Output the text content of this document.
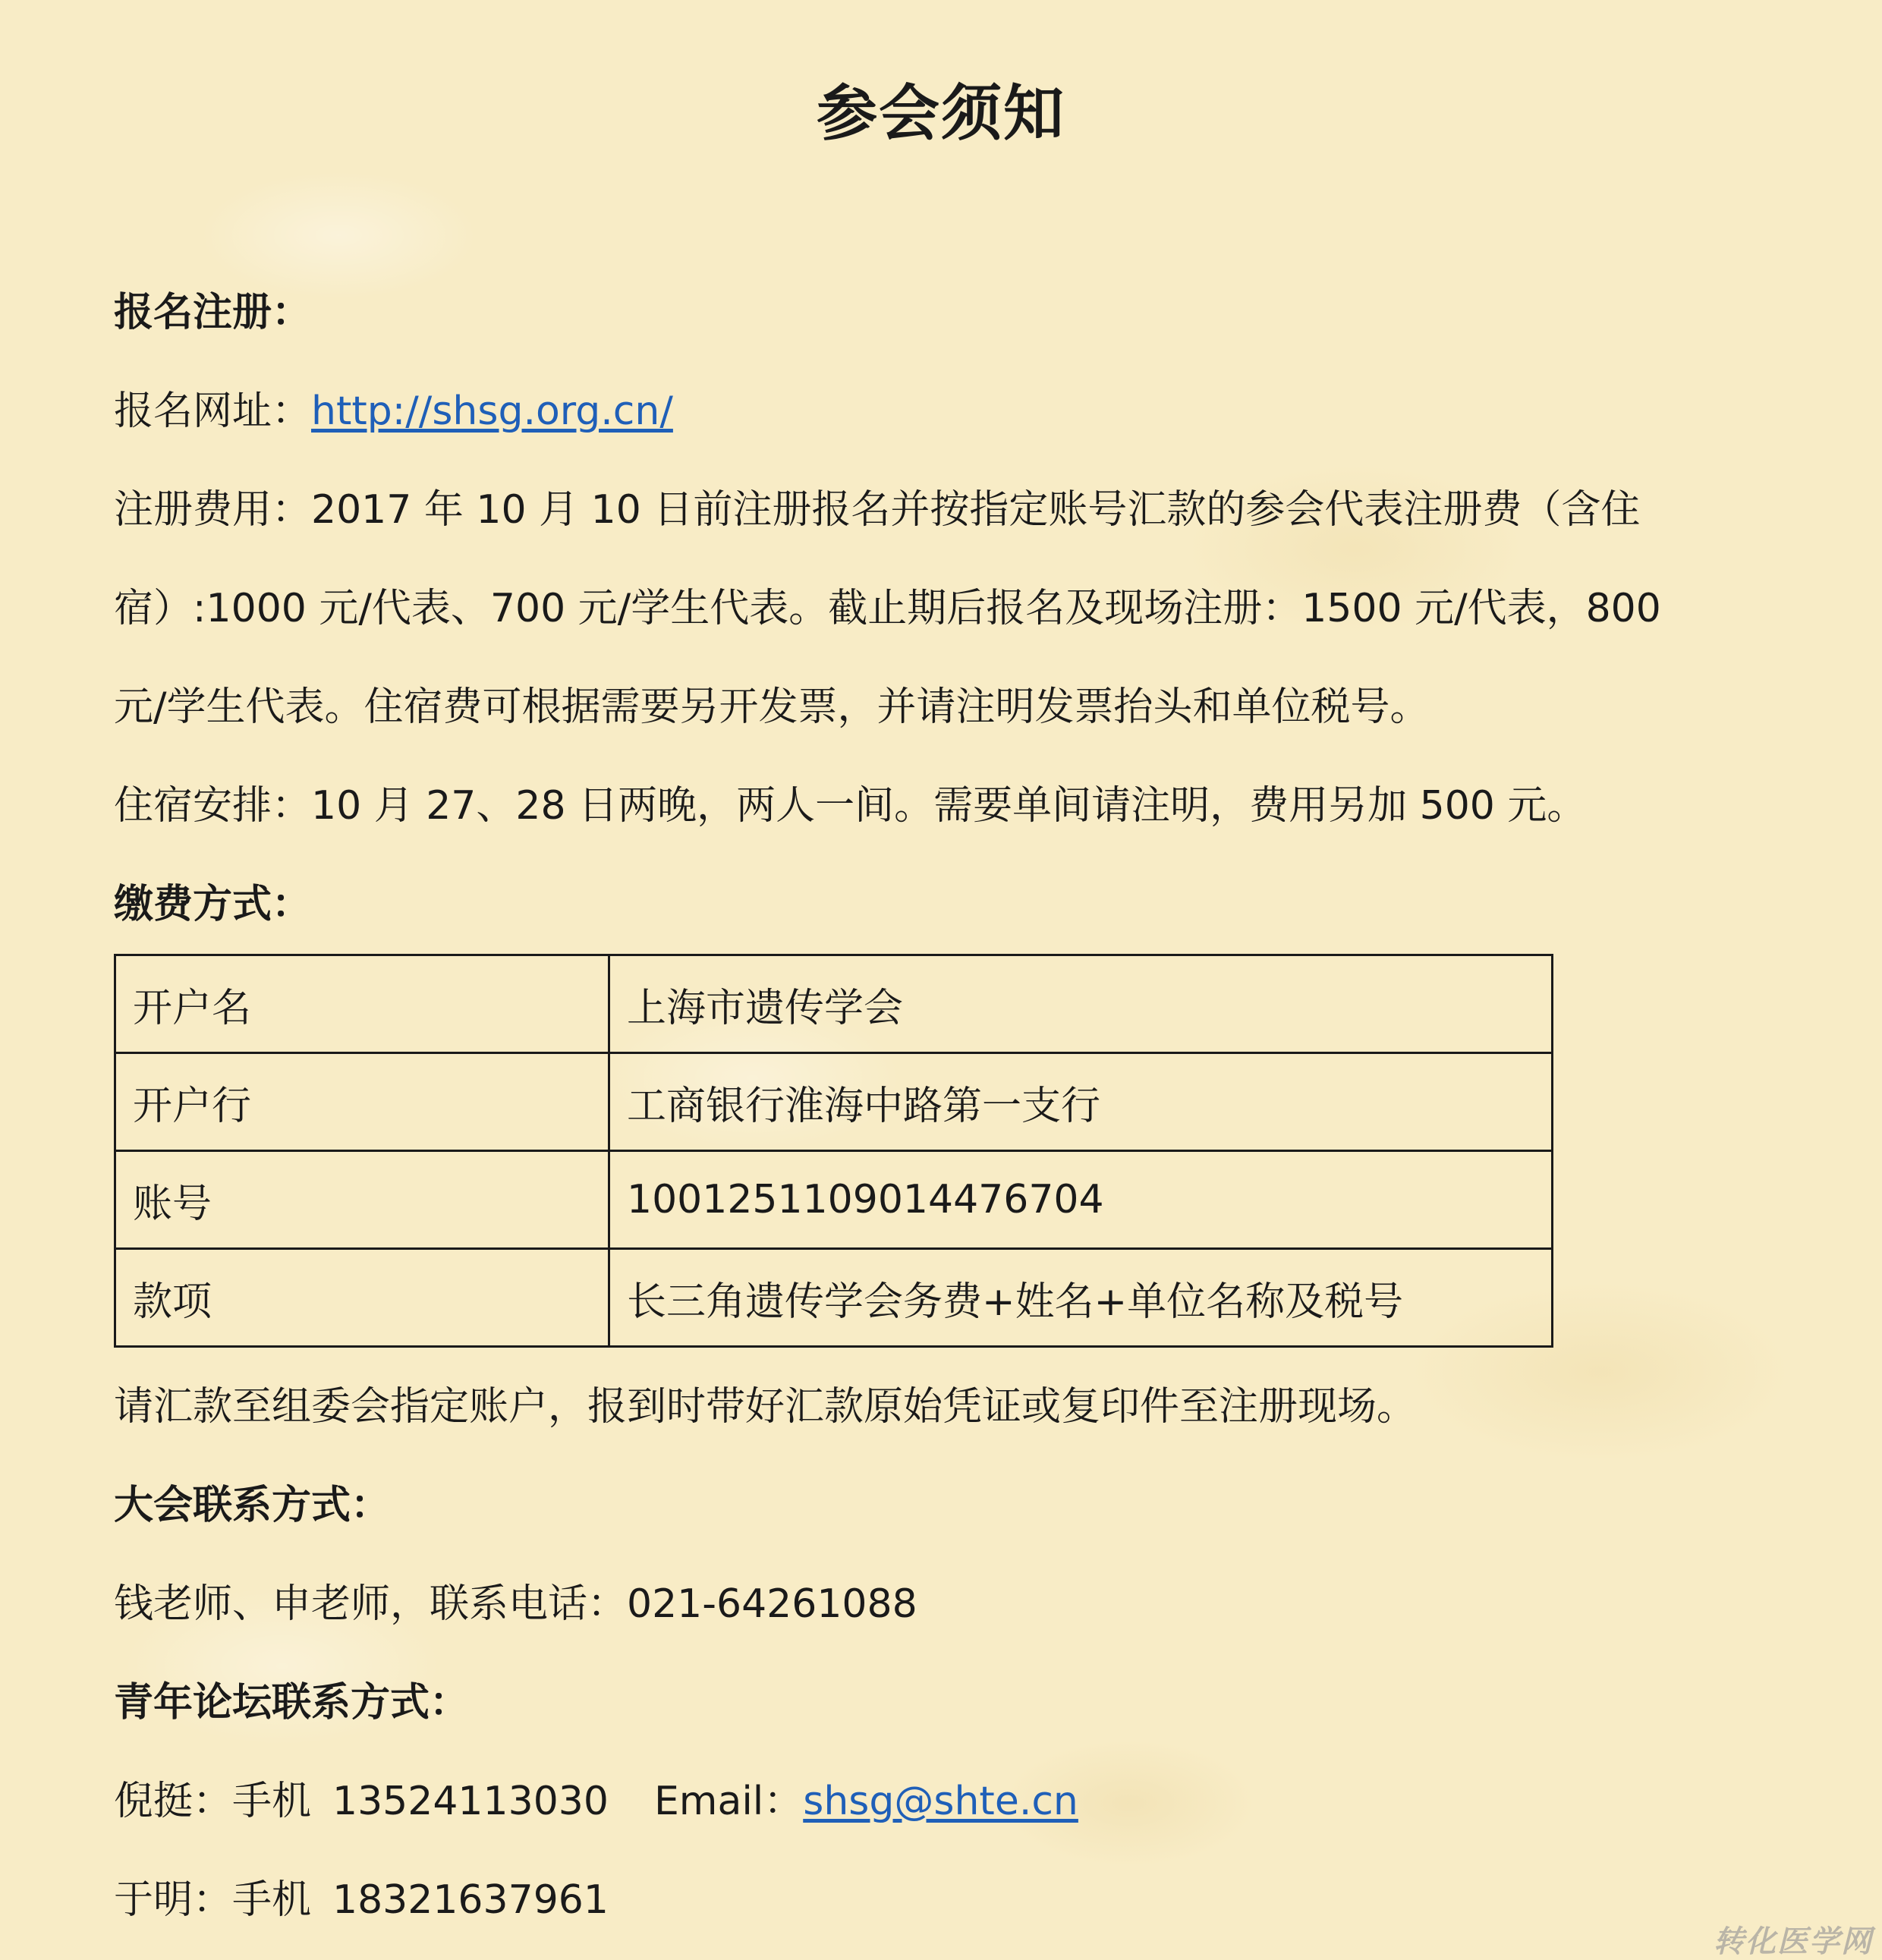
参会须知

报名注册：

报名网址：http://shsg.org.cn/

注册费用：2017 年 10 月 10 日前注册报名并按指定账号汇款的参会代表注册费（含住

宿）:1000 元/代表、700 元/学生代表。截止期后报名及现场注册：1500 元/代表，800

元/学生代表。住宿费可根据需要另开发票，并请注明发票抬头和单位税号。

住宿安排：10 月 27、28 日两晚，两人一间。需要单间请注明，费用另加 500 元。

缴费方式：

开户名	上海市遗传学会
开户行	工商银行淮海中路第一支行
账号	1001251109014476704
款项	长三角遗传学会务费+姓名+单位名称及税号

请汇款至组委会指定账户，报到时带好汇款原始凭证或复印件至注册现场。

大会联系方式：

钱老师、申老师，联系电话：021-64261088

青年论坛联系方式：

倪挺：手机 13524113030 Email：shsg@shte.cn

于明：手机 18321637961

转化医学网
